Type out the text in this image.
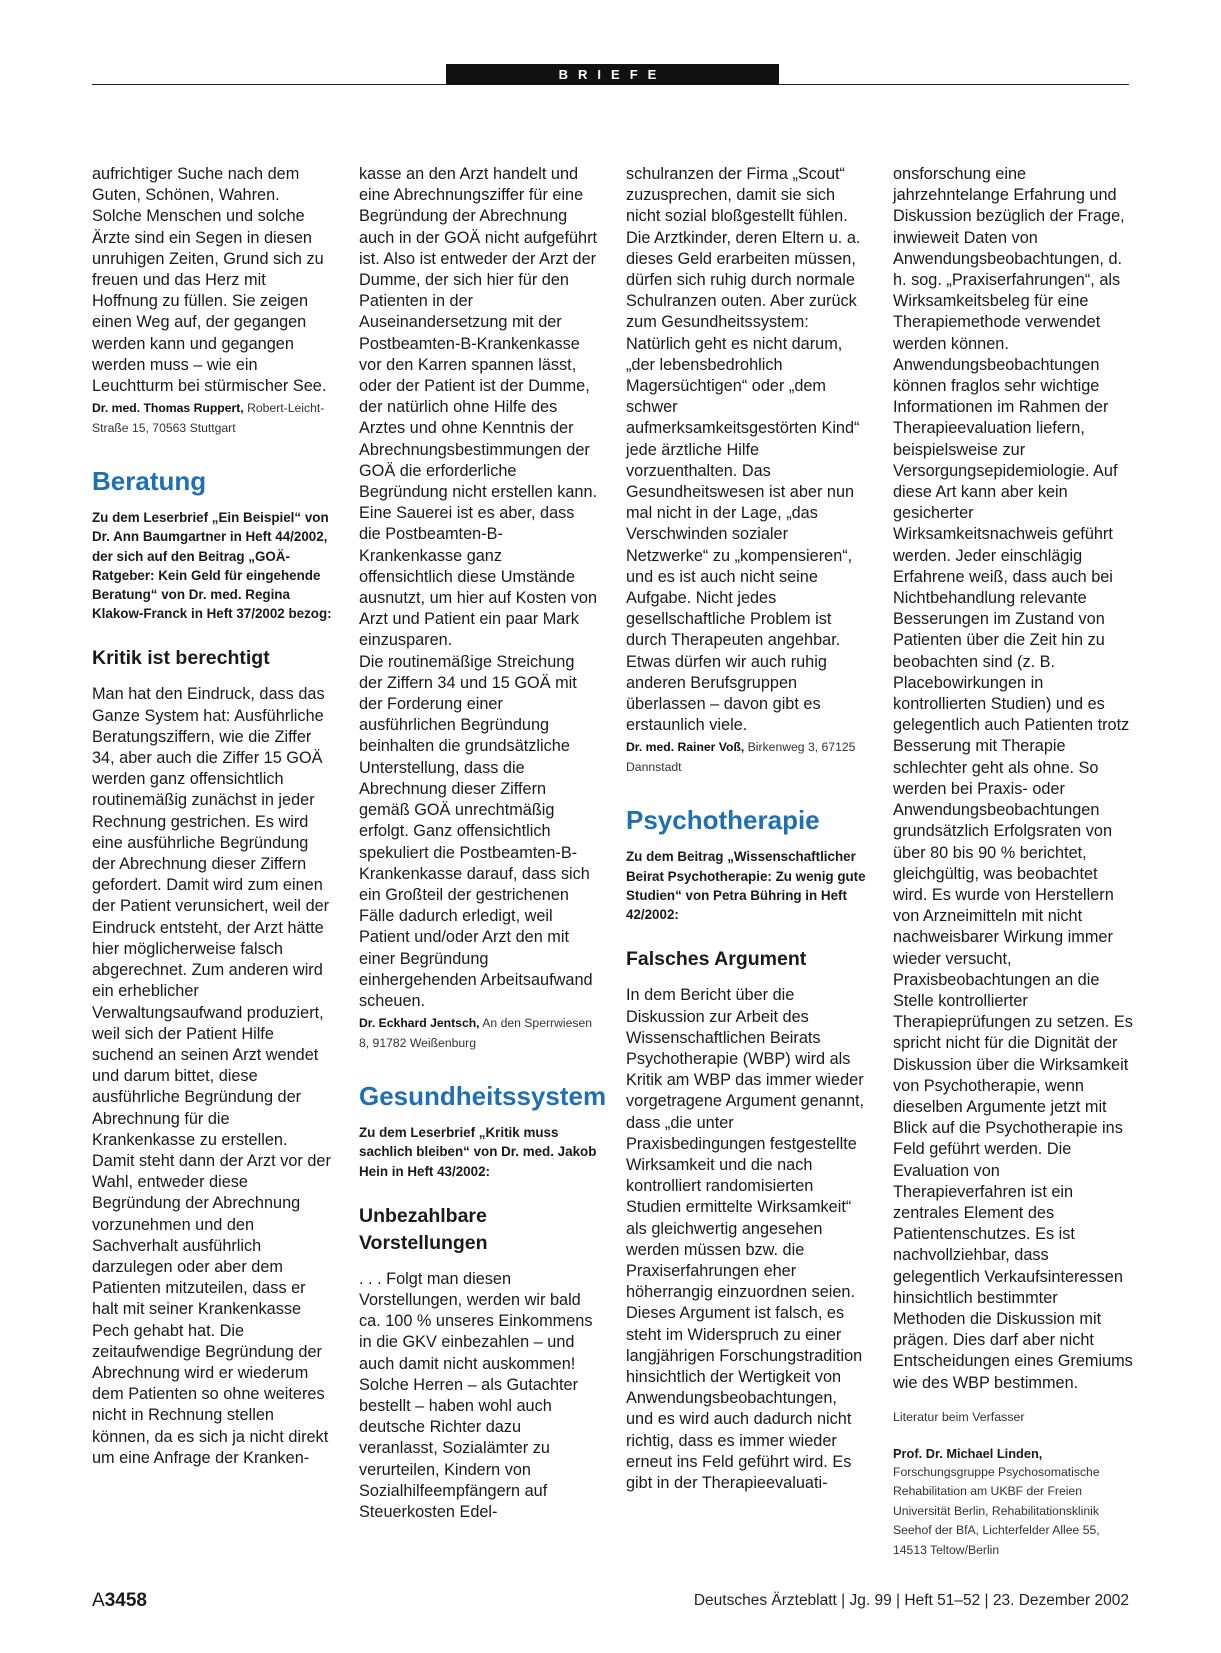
BRIEFE

aufrichtiger Suche nach dem Guten, Schönen, Wahren. Solche Menschen und solche Ärzte sind ein Segen in diesen unruhigen Zeiten, Grund sich zu freuen und das Herz mit Hoffnung zu füllen. Sie zeigen einen Weg auf, der gegangen werden kann und gegangen werden muss – wie ein Leuchtturm bei stürmischer See.

Dr. med. Thomas Ruppert, Robert-Leicht-Straße 15, 70563 Stuttgart

Beratung

Zu dem Leserbrief „Ein Beispiel“ von Dr. Ann Baumgartner in Heft 44/2002, der sich auf den Beitrag „GOÄ-Ratgeber: Kein Geld für eingehende Beratung“ von Dr. med. Regina Klakow-Franck in Heft 37/2002 bezog:

Kritik ist berechtigt

Man hat den Eindruck, dass das Ganze System hat: Ausführliche Beratungsziffern, wie die Ziffer 34, aber auch die Ziffer 15 GOÄ werden ganz offensichtlich routinemäßig zunächst in jeder Rechnung gestrichen. Es wird eine ausführliche Begründung der Abrechnung dieser Ziffern gefordert. Damit wird zum einen der Patient verunsichert, weil der Eindruck entsteht, der Arzt hätte hier möglicherweise falsch abgerechnet. Zum anderen wird ein erheblicher Verwaltungsaufwand produziert, weil sich der Patient Hilfe suchend an seinen Arzt wendet und darum bittet, diese ausführliche Begründung der Abrechnung für die Krankenkasse zu erstellen. Damit steht dann der Arzt vor der Wahl, entweder diese Begründung der Abrechnung vorzunehmen und den Sachverhalt ausführlich darzulegen oder aber dem Patienten mitzuteilen, dass er halt mit seiner Krankenkasse Pech gehabt hat. Die zeitaufwendige Begründung der Abrechnung wird er wiederum dem Patienten so ohne weiteres nicht in Rechnung stellen können, da es sich ja nicht direkt um eine Anfrage der Kranken-

kasse an den Arzt handelt und eine Abrechnungsziffer für eine Begründung der Abrechnung auch in der GOÄ nicht aufgeführt ist. Also ist entweder der Arzt der Dumme, der sich hier für den Patienten in der Auseinandersetzung mit der Postbeamten-B-Krankenkasse vor den Karren spannen lässt, oder der Patient ist der Dumme, der natürlich ohne Hilfe des Arztes und ohne Kenntnis der Abrechnungsbestimmungen der GOÄ die erforderliche Begründung nicht erstellen kann.

Eine Sauerei ist es aber, dass die Postbeamten-B-Krankenkasse ganz offensichtlich diese Umstände ausnutzt, um hier auf Kosten von Arzt und Patient ein paar Mark einzusparen.

Die routinemäßige Streichung der Ziffern 34 und 15 GOÄ mit der Forderung einer ausführlichen Begründung beinhalten die grundsätzliche Unterstellung, dass die Abrechnung dieser Ziffern gemäß GOÄ unrechtmäßig erfolgt. Ganz offensichtlich spekuliert die Postbeamten-B-Krankenkasse darauf, dass sich ein Großteil der gestrichenen Fälle dadurch erledigt, weil Patient und/oder Arzt den mit einer Begründung einhergehenden Arbeitsaufwand scheuen.

Dr. Eckhard Jentsch, An den Sperrwiesen 8, 91782 Weißenburg

Gesundheitssystem

Zu dem Leserbrief „Kritik muss sachlich bleiben“ von Dr. med. Jakob Hein in Heft 43/2002:

Unbezahlbare Vorstellungen

. . . Folgt man diesen Vorstellungen, werden wir bald ca. 100 % unseres Einkommens in die GKV einbezahlen – und auch damit nicht auskommen! Solche Herren – als Gutachter bestellt – haben wohl auch deutsche Richter dazu veranlasst, Sozialämter zu verurteilen, Kindern von Sozialhilfeempfängern auf Steuerkosten Edel-

schulranzen der Firma „Scout“ zuzusprechen, damit sie sich nicht sozial bloßgestellt fühlen. Die Arztkinder, deren Eltern u. a. dieses Geld erarbeiten müssen, dürfen sich ruhig durch normale Schulranzen outen. Aber zurück zum Gesundheitssystem: Natürlich geht es nicht darum, „der lebensbedrohlich Magersüchtigen“ oder „dem schwer aufmerksamkeitsgestörten Kind“ jede ärztliche Hilfe vorzuenthalten. Das Gesundheitswesen ist aber nun mal nicht in der Lage, „das Verschwinden sozialer Netzwerke“ zu „kompensieren“, und es ist auch nicht seine Aufgabe. Nicht jedes gesellschaftliche Problem ist durch Therapeuten angehbar. Etwas dürfen wir auch ruhig anderen Berufsgruppen überlassen – davon gibt es erstaunlich viele.

Dr. med. Rainer Voß, Birkenweg 3, 67125 Dannstadt

Psychotherapie

Zu dem Beitrag „Wissenschaftlicher Beirat Psychotherapie: Zu wenig gute Studien“ von Petra Bühring in Heft 42/2002:

Falsches Argument

In dem Bericht über die Diskussion zur Arbeit des Wissenschaftlichen Beirats Psychotherapie (WBP) wird als Kritik am WBP das immer wieder vorgetragene Argument genannt, dass „die unter Praxisbedingungen festgestellte Wirksamkeit und die nach kontrolliert randomisierten Studien ermittelte Wirksamkeit“ als gleichwertig angesehen werden müssen bzw. die Praxiserfahrungen eher höherrangig einzuordnen seien.

Dieses Argument ist falsch, es steht im Widerspruch zu einer langjährigen Forschungstradition hinsichtlich der Wertigkeit von Anwendungsbeobachtungen, und es wird auch dadurch nicht richtig, dass es immer wieder erneut ins Feld geführt wird. Es gibt in der Therapieevaluati-

onsforschung eine jahrzehntelange Erfahrung und Diskussion bezüglich der Frage, inwieweit Daten von Anwendungsbeobachtungen, d. h. sog. „Praxiserfahrungen“, als Wirksamkeitsbeleg für eine Therapiemethode verwendet werden können. Anwendungsbeobachtungen können fraglos sehr wichtige Informationen im Rahmen der Therapieevaluation liefern, beispielsweise zur Versorgungsepidemiologie. Auf diese Art kann aber kein gesicherter Wirksamkeitsnachweis geführt werden. Jeder einschlägig Erfahrene weiß, dass auch bei Nichtbehandlung relevante Besserungen im Zustand von Patienten über die Zeit hin zu beobachten sind (z. B. Placebowirkungen in kontrollierten Studien) und es gelegentlich auch Patienten trotz Besserung mit Therapie schlechter geht als ohne. So werden bei Praxis- oder Anwendungsbeobachtungen grundsätzlich Erfolgsraten von über 80 bis 90 % berichtet, gleichgültig, was beobachtet wird. Es wurde von Herstellern von Arzneimitteln mit nicht nachweisbarer Wirkung immer wieder versucht, Praxisbeobachtungen an die Stelle kontrollierter Therapieprüfungen zu setzen. Es spricht nicht für die Dignität der Diskussion über die Wirksamkeit von Psychotherapie, wenn dieselben Argumente jetzt mit Blick auf die Psychotherapie ins Feld geführt werden. Die Evaluation von Therapieverfahren ist ein zentrales Element des Patientenschutzes. Es ist nachvollziehbar, dass gelegentlich Verkaufsinteressen hinsichtlich bestimmter Methoden die Diskussion mit prägen. Dies darf aber nicht Entscheidungen eines Gremiums wie des WBP bestimmen.

Literatur beim Verfasser

Prof. Dr. Michael Linden,

Forschungsgruppe Psychosomatische Rehabilitation am UKBF der Freien Universität Berlin, Rehabilitationsklinik Seehof der BfA, Lichterfelder Allee 55, 14513 Teltow/Berlin

A3458	Deutsches Ärzteblatt | Jg. 99 | Heft 51–52 | 23. Dezember 2002
